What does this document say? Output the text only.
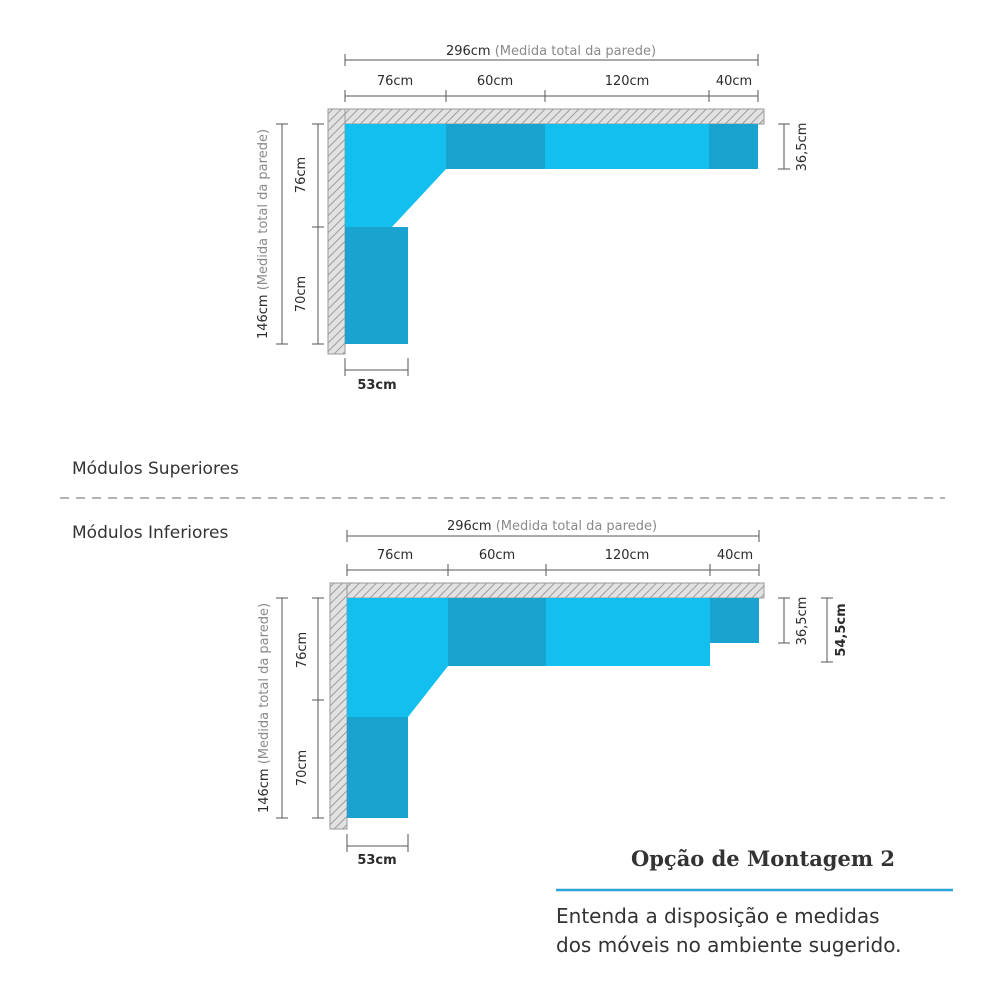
296cm (Medida total da parede)
76cm	60cm	120cm	40cm
36,5cm
146cm (Medida total da parede) 76cm
70cm
53cm
Módulos Superiores
Módulos Inferiores	296cm (Medida total da parede)
76cm	60cm	120cm	40cm
36,5cm 54,5cm
146cm (Medida total da parede) 76cm
70cm
53cm	Opção de Montagem 2
Entenda a disposição e medidas
dos móveis no ambiente sugerido.
